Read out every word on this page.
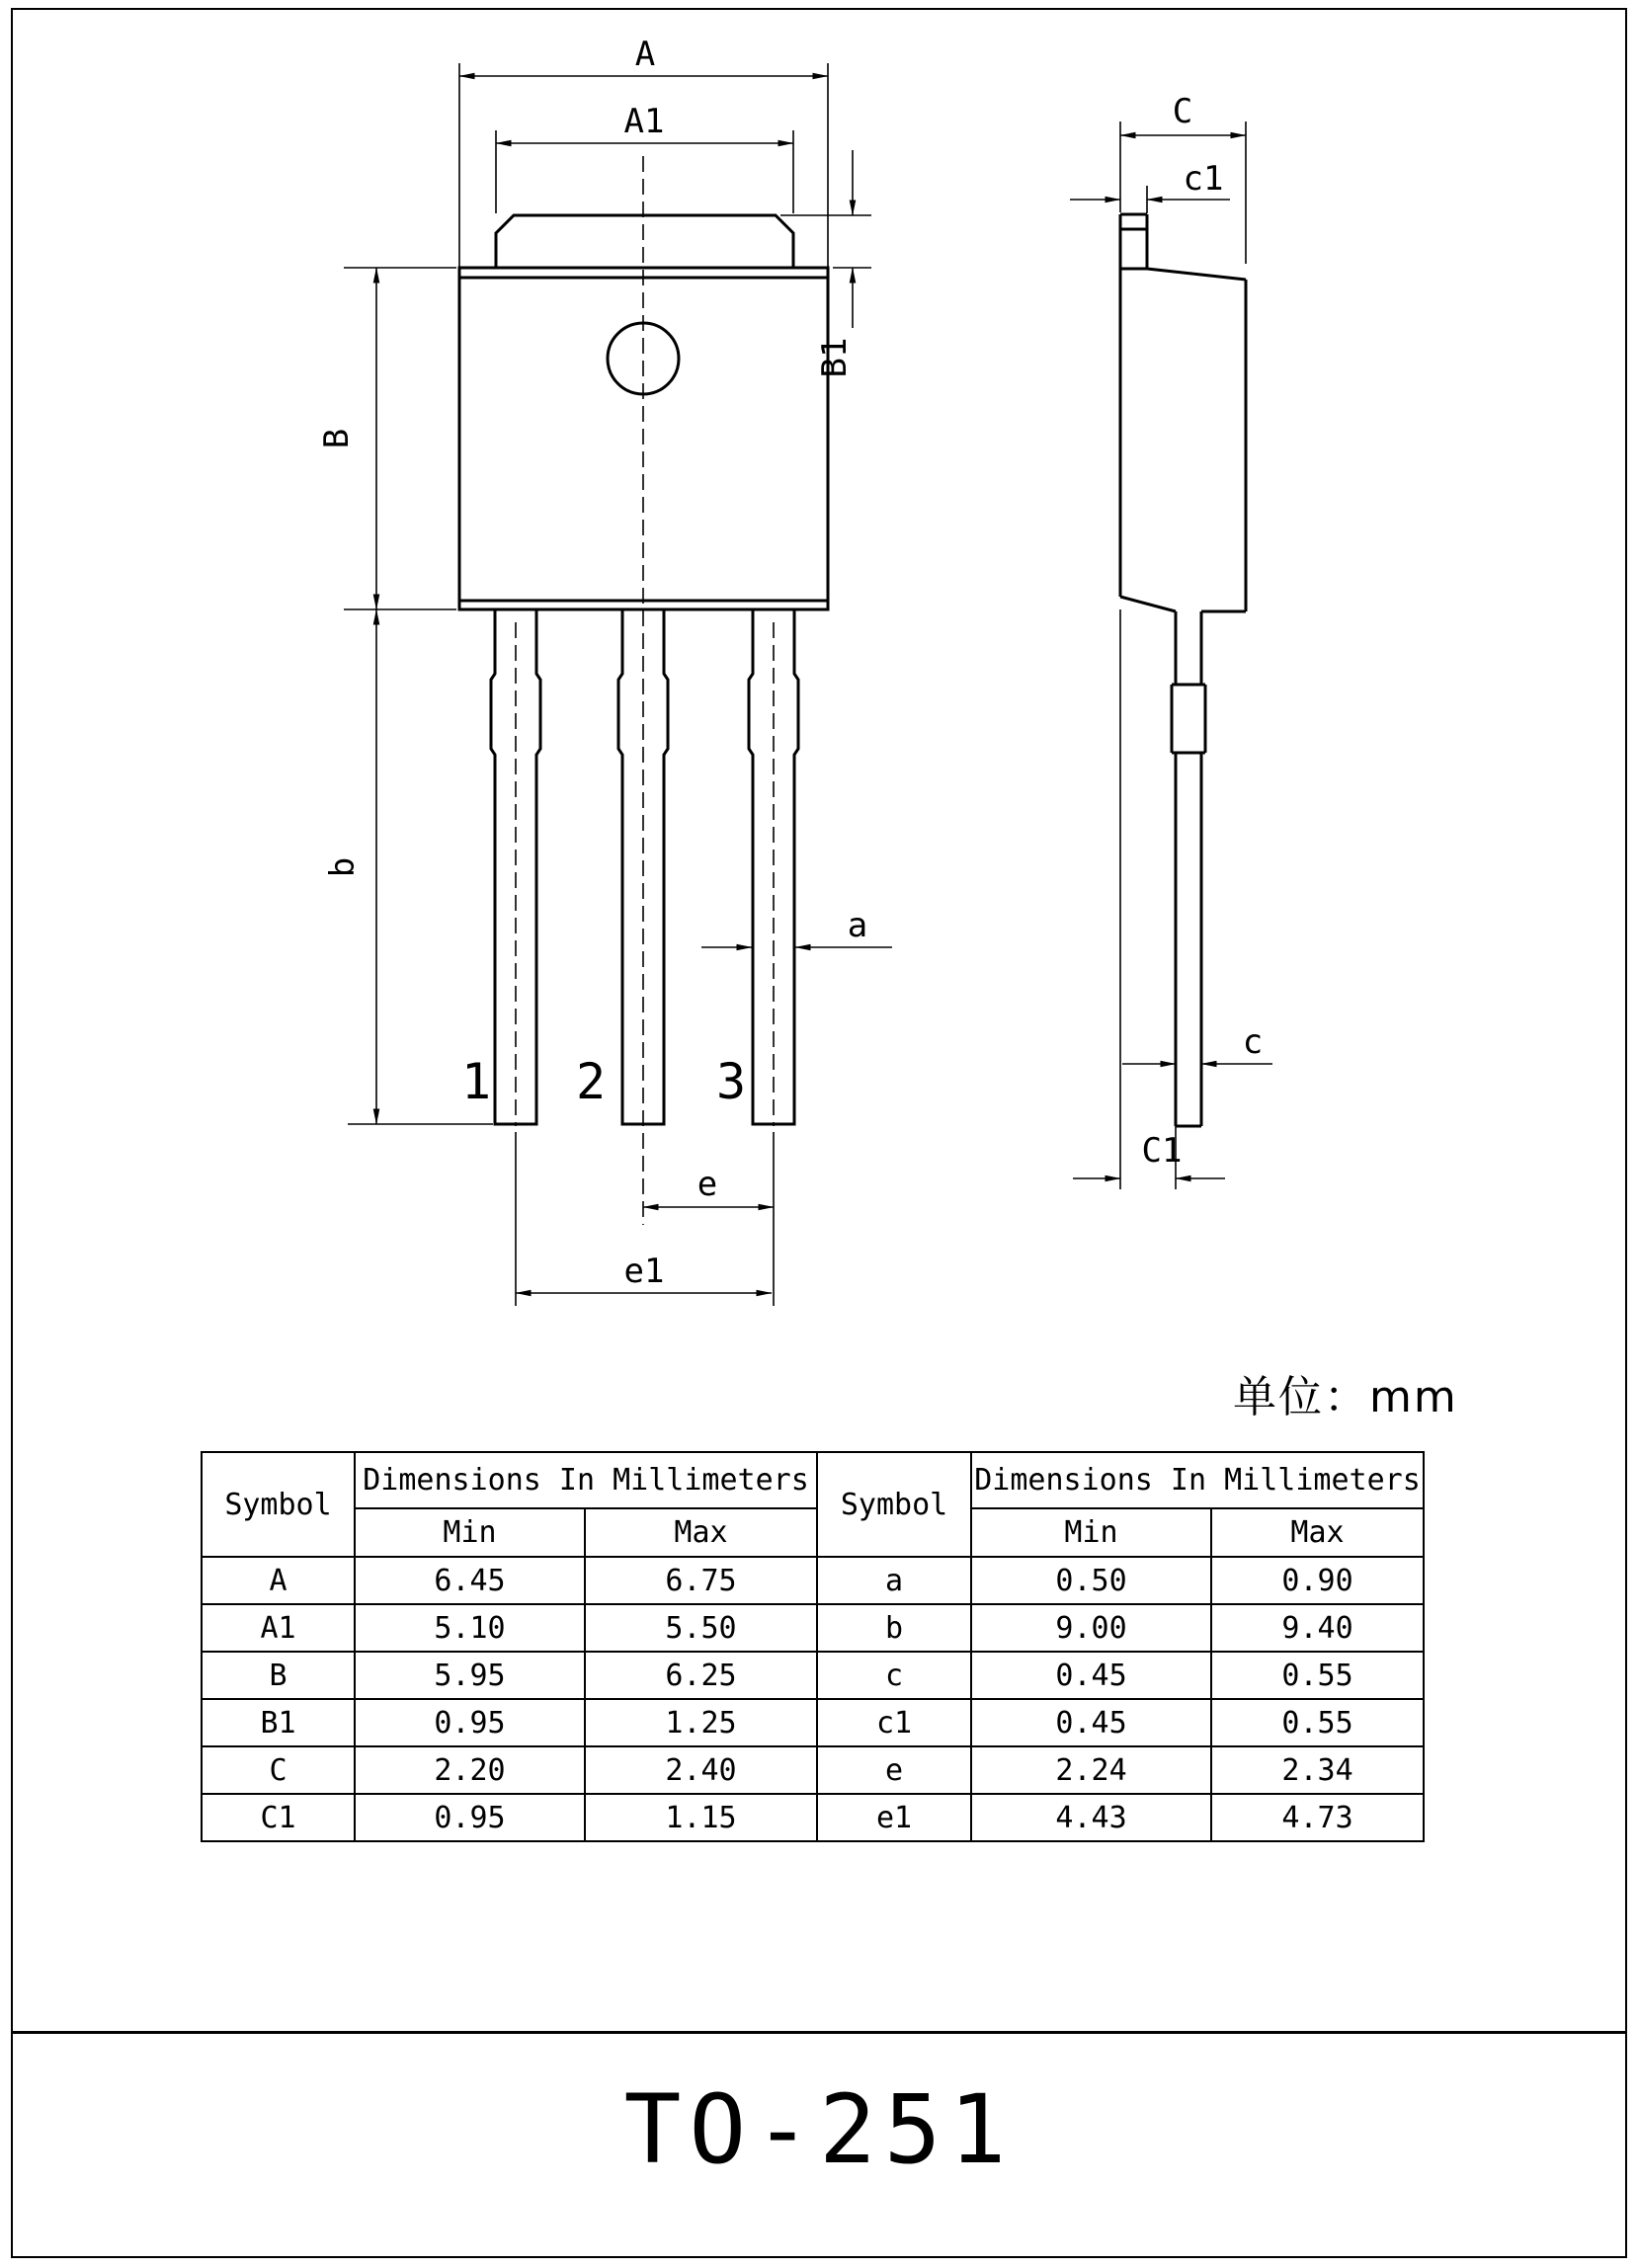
A
A1
B1
B
b
a
e
e1
1 2 3
C
c1
c
C1
单位：mm
Symbol	Dimensions In Millimeters		Symbol	Dimensions In Millimeters	
	Min	Max		Min	Max
A	6.45	6.75	a	0.50	0.90
A1	5.10	5.50	b	9.00	9.40
B	5.95	6.25	c	0.45	0.55
B1	0.95	1.25	c1	0.45	0.55
C	2.20	2.40	e	2.24	2.34
C1	0.95	1.15	e1	4.43	4.73
TO-251
